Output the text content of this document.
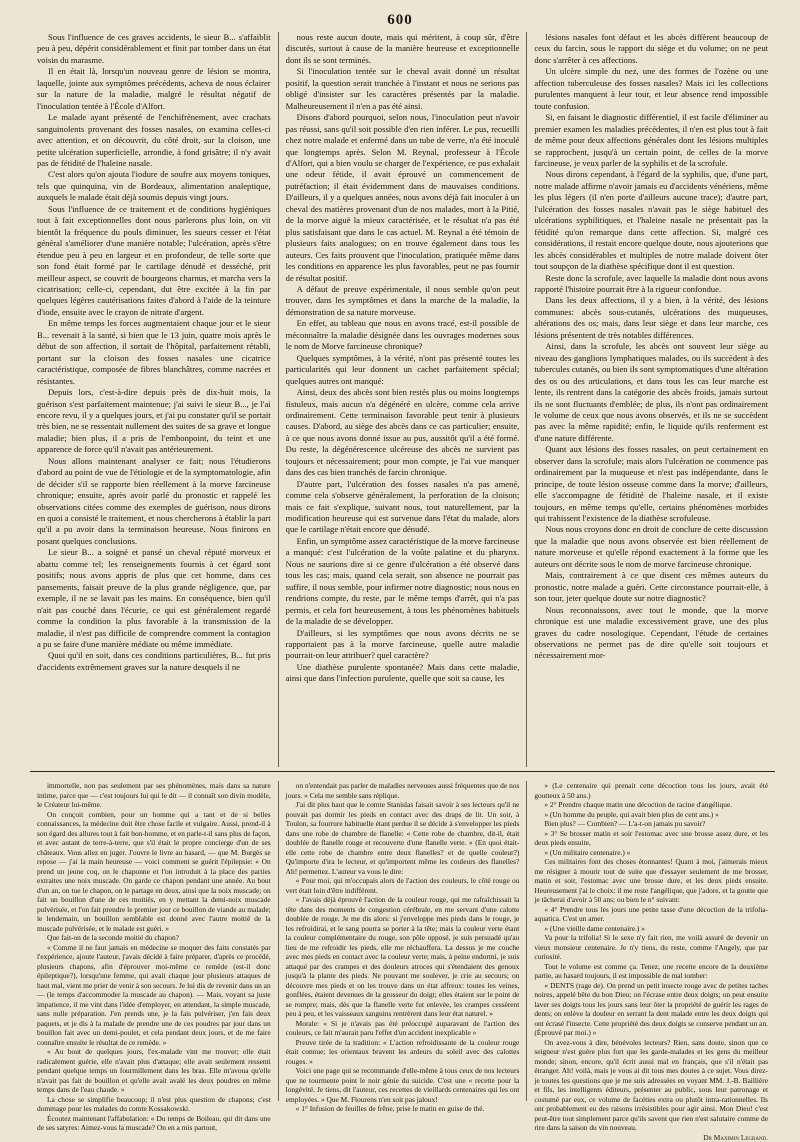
600

Sous l'influence de ces graves accidents, le sieur B... s'affaiblit peu à peu, dépérit considérablement et finit par tomber dans un état voisin du marasme.

Il en était là, lorsqu'un nouveau genre de lésion se montra, laquelle, jointe aux symptômes précédents, acheva de nous éclairer sur la nature de la maladie, malgré le résultat négatif de l'inoculation tentée à l'École d'Alfort.

Le malade ayant présenté de l'enchifrènement, avec crachats sanguinolents provenant des fosses nasales, on examina celles-ci avec attention, et on découvrit, du côté droit, sur la cloison, une petite ulcération superficielle, arrondie, à fond grisâtre; il n'y avait pas de fétidité de l'haleine nasale.

C'est alors qu'on ajouta l'iodure de soufre aux moyens toniques, tels que quinquina, vin de Bordeaux, alimentation analeptique, auxquels le malade était déjà soumis depuis vingt jours.

Sous l'influence de ce traitement et de conditions hygiéniques tout à fait exceptionnelles dont nous parlerons plus loin, on vit bientôt la fréquence du pouls diminuer, les sueurs cesser et l'état général s'améliorer d'une manière notable; l'ulcération, après s'être étendue peu à peu en largeur et en profondeur, de telle sorte que son fond était formé par le cartilage dénudé et desséché, prit meilleur aspect, se couvrit de bourgeons charnus, et marcha vers la cicatrisation; celle-ci, cependant, dut être excitée à la fin par quelques légères cautérisations faites d'abord à l'aide de la teinture d'iode, ensuite avec le crayon de nitrate d'argent.

En même temps les forces augmentaient chaque jour et le sieur B... revenait à la santé, si bien que le 13 juin, quatre mois après le début de son affection, il sortait de l'hôpital, parfaitement rétabli, portant sur la cloison des fosses nasales une cicatrice caractéristique, composée de fibres blanchâtres, comme nacrées et résistantes.

Depuis lors, c'est-à-dire depuis près de dix-huit mois, la guérison s'est parfaitement maintenue; j'ai suivi le sieur B..., je l'ai encore revu, il y a quelques jours, et j'ai pu constater qu'il se portait très bien, ne se ressentait nullement des suites de sa grave et longue maladie; bien plus, il a pris de l'embonpoint, du teint et une apparence de force qu'il n'avait pas antérieurement.

Nous allons maintenant analyser ce fait; nous l'étudierons d'abord au point de vue de l'étiologie et de la symptomatologie, afin de décider s'il se rapporte bien réellement à la morve farcineuse chronique; ensuite, après avoir parlé du pronostic et rappelé les observations citées comme des exemples de guérison, nous dirons en quoi a consisté le traitement, et nous chercherons à établir la part qu'il a pu avoir dans la terminaison heureuse. Nous finirons en posant quelques conclusions.

Le sieur B... a soigné et pansé un cheval réputé morveux et abattu comme tel; les renseignements fournis à cet égard sont positifs; nous avons appris de plus que cet homme, dans ces pansements, faisait preuve de la plus grande négligence, que, par exemple, il ne se lavait pas les mains. En conséquence, bien qu'il n'ait pas couché dans l'écurie, ce qui est généralement regardé comme la condition la plus favorable à la transmission de la maladie, il n'est pas difficile de comprendre comment la contagion a pu se faire d'une manière médiate ou même immédiate.

Quoi qu'il en soit, dans ces conditions particulières, B... fut pris d'accidents extrêmement graves sur la nature desquels il ne

nous reste aucun doute, mais qui méritent, à coup sûr, d'être discutés, surtout à cause de la manière heureuse et exceptionnelle dont ils se sont terminés.

Si l'inoculation tentée sur le cheval avait donné un résultat positif, la question serait tranchée à l'instant et nous ne serions pas obligé d'insister sur les caractères présentés par la maladie. Malheureusement il n'en a pas été ainsi.

Disons d'abord pourquoi, selon nous, l'inoculation peut n'avoir pas réussi, sans qu'il soit possible d'en rien inférer. Le pus, recueilli chez notre malade et enfermé dans un tube de verre, n'a été inoculé que longtemps après. Selon M. Reynal, professeur à l'École d'Alfort, qui a bien voulu se charger de l'expérience, ce pus exhalait une odeur fétide, il avait éprouvé un commencement de putréfaction; il était évidemment dans de mauvaises conditions. D'ailleurs, il y a quelques années, nous avons déjà fait inoculer à un cheval des matières provenant d'un de nos malades, mort à la Pitié, de la morve aiguë la mieux caractérisée, et le résultat n'a pas été plus satisfaisant que dans le cas actuel. M. Reynal a été témoin de plusieurs faits analogues; on en trouve également dans tous les auteurs. Ces faits prouvent que l'inoculation, pratiquée même dans les conditions en apparence les plus favorables, peut ne pas fournir de résultat positif.

A défaut de preuve expérimentale, il nous semble qu'on peut trouver, dans les symptômes et dans la marche de la maladie, la démonstration de sa nature morveuse.

En effet, au tableau que nous en avons tracé, est-il possible de méconnaître la maladie désignée dans les ouvrages modernes sous le nom de Morve farcineuse chronique?

Quelques symptômes, à la vérité, n'ont pas présenté toutes les particularités qui leur donnent un cachet parfaitement spécial; quelques autres ont manqué:

Ainsi, deux des abcès sont bien restés plus ou moins longtemps fistuleux, mais aucun n'a dégénéré en ulcère, comme cela arrive ordinairement. Cette terminaison favorable peut tenir à plusieurs causes. D'abord, au siège des abcès dans ce cas particulier; ensuite, à ce que nous avons donné issue au pus, aussitôt qu'il a été formé. Du reste, la dégénérescence ulcéreuse des abcès ne survient pas toujours et nécessairement; pour mon compte, je l'ai vue manquer dans des cas bien tranchés de farcin chronique.

D'autre part, l'ulcération des fosses nasales n'a pas amené, comme cela s'observe généralement, la perforation de la cloison; mais ce fait s'explique, suivant nous, tout naturellement, par la modification heureuse qui est survenue dans l'état du malade, alors que le cartilage n'était encore que dénudé.

Enfin, un symptôme assez caractéristique de la morve farcineuse a manqué: c'est l'ulcération de la voûte palatine et du pharynx. Nous ne saurions dire si ce genre d'ulcération a été observé dans tous les cas; mais, quand cela serait, son absence ne pourrait pas suffire, il nous semble, pour infirmer notre diagnostic; nous nous en rendrions compte, du reste, par le même temps d'arrêt, qui n'a pas permis, et cela fort heureusement, à tous les phénomènes habituels de la maladie de se développer.

D'ailleurs, si les symptômes que nous avons décrits ne se rapportaient pas à la morve farcineuse, quelle autre maladie pourrait-on leur attribuer? quel caractère?

Une diathèse purulente spontanée? Mais dans cette maladie, ainsi que dans l'infection purulente, quelle que soit sa cause, les

lésions nasales font défaut et les abcès diffèrent beaucoup de ceux du farcin, sous le rapport du siège et du volume; on ne peut donc s'arrêter à ces affections.

Un ulcère simple du nez, une des formes de l'ozène ou une affection tuberculeuse des fosses nasales? Mais ici les collections purulentes manquent à leur tour, et leur absence rend impossible toute confusion.

Si, en faisant le diagnostic différentiel, il est facile d'éliminer au premier examen les maladies précédentes, il n'en est plus tout à fait de même pour deux affections générales dont les lésions multiples se rapprochent, jusqu'à un certain point, de celles de la morve farcineuse, je veux parler de la syphilis et de la scrofule.

Nous dirons cependant, à l'égard de la syphilis, que, d'une part, notre malade affirme n'avoir jamais eu d'accidents vénériens, même les plus légers (il n'en porte d'ailleurs aucune trace); d'autre part, l'ulcération des fosses nasales n'avait pas le siège habituel des ulcérations syphilitiques, et l'haleine nasale ne présentait pas la fétidité qu'on remarque dans cette affection. Si, malgré ces considérations, il restait encore quelque doute, nous ajouterions que les abcès considérables et multiples de notre malade doivent ôter tout soupçon de la diathèse spécifique dont il est question.

Reste donc la scrofule, avec laquelle la maladie dont nous avons rapporté l'histoire pourrait être à la rigueur confondue.

Dans les deux affections, il y a bien, à la vérité, des lésions communes: abcès sous-cutanés, ulcérations des muqueuses, altérations des os; mais, dans leur siège et dans leur marche, ces lésions présentent de très notables différences.

Ainsi, dans la scrofule, les abcès ont souvent leur siège au niveau des ganglions lymphatiques malades, ou ils succèdent à des tubercules cutanés, ou bien ils sont symptomatiques d'une altération des os ou des articulations, et dans tous les cas leur marche est lente, ils rentrent dans la catégorie des abcès froids, jamais surtout ils ne sont fluctuants d'emblée; de plus, ils n'ont pas ordinairement le volume de ceux que nous avons observés, et ils ne se succèdent pas avec la même rapidité; enfin, le liquide qu'ils renferment est d'une nature différente.

Quant aux lésions des fosses nasales, on peut certainement en observer dans la scrofule; mais alors l'ulcération ne commence pas ordinairement par la muqueuse et n'est pas indépendante, dans le principe, de toute lésion osseuse comme dans la morve; d'ailleurs, elle s'accompagne de fétidité de l'haleine nasale, et il existe toujours, en même temps qu'elle, certains phénomènes morbides qui trahissent l'existence de la diathèse scrofuleuse.

Nous nous croyons donc en droit de conclure de cette discussion que la maladie que nous avons observée est bien réellement de nature morveuse et qu'elle répond exactement à la forme que les auteurs ont décrite sous le nom de morve farcineuse chronique.

Mais, contrairement à ce que disent ces mêmes auteurs du pronostic, notre malade a guéri. Cette circonstance pourrait-elle, à son tour, jeter quelque doute sur notre diagnostic?

Nous reconnaissons, avec tout le monde, que la morve chronique est une maladie excessivement grave, une des plus graves du cadre nosologique. Cependant, l'étude de certaines observations ne permet pas de dire qu'elle soit toujours et nécessairement mor-

immortelle, non pas seulement par ses phénomènes, mais dans sa nature intime, parce que — c'est toujours lui qui le dit — il connaît son divin modèle, le Créateur lui-même.

On conçoit combien, pour un homme qui a tant et de si belles connaissances, la médecine doit être chose facile et vulgaire. Aussi, prend-il à son égard des allures tout à fait bon-homme, et en parle-t-il sans plus de façon, et avec autant de terre-à-terre, que s'il était le propre concierge d'un de ses châteaux. Vous allez en juger. J'ouvre le livre au hasard, — que M. Burgès se repose — j'ai la main heureuse — voici comment se guérit l'épilepsie: « On prend un jeune coq, on le chaponne et l'on introduit à la place des parties extraites une noix muscade. On garde ce chapon pendant une année. Au bout d'un an, on tue le chapon, on le partage en deux, ainsi que la noix muscade; on fait un bouillon d'une de ces moitiés, en y mettant la demi-noix muscade pulvérisée, et l'on fait prendre le premier jour ce bouillon de viande au malade; le lendemain, un bouillon semblable est donné avec l'autre moitié de la muscade pulvérisée, et le malade est guéri. »

Que fait-on de la seconde moitié du chapon?

« Comme il ne faut jamais en médecine se moquer des faits constatés par l'expérience, ajoute l'auteur, j'avais décidé à faire préparer, d'après ce procédé, plusieurs chapons, afin d'éprouver moi-même ce remède (est-il donc épileptique?), lorsqu'une femme, qui avait chaque jour plusieurs attaques de haut mal, vient me prier de venir à son secours. Je lui dis de revenir dans un an — (le temps d'accommoder la muscade au chapon). — Mais, voyant sa juste impatience, il me vint dans l'idée d'employer, en attendant, la simple muscade, sans nulle préparation. J'en prends une, je la fais pulvériser, j'en fais deux paquets, et je dis à la malade de prendre une de ces poudres par jour dans un bouillon fait avec un demi-poulet, et cela pendant deux jours, et de me faire connaître ensuite le résultat de ce remède. »

« Au bout de quelques jours, l'ex-malade vint me trouver; elle était radicalement guérie, elle n'avait plus d'attaque; elle avait seulement ressenti pendant quelque temps un fourmillement dans les bras. Elle m'avoua qu'elle n'avait pas fait de bouillon et qu'elle avait avalé les deux poudres en même temps dans de l'eau chaude. »

La chose se simplifie beaucoup; il n'est plus question de chapons; c'est dommage pour les malades du comte Kossakowski.

Écoutez maintenant l'affabulation: « Du temps de Boileau, qui dit dans une de ses satyres: Aimez-vous la muscade? On en a mis partout,

on n'entendait pas parler de maladies nerveuses aussi fréquentes que de nos jours. » Cela me semble sans réplique.

J'ai dit plus haut que le comte Stanislas faisait savoir à ses lecteurs qu'il ne pouvait pas dormir les pieds en contact avec des draps de lit. Un soir, à Toulon, sa fourrure habituelle étant perdue il se décide à s'envelopper les pieds dans une robe de chambre de flanelle: « Cette robe de chambre, dit-il, était doublée de flanelle rouge et recouverte d'une flanelle verte. » (En quoi était-elle cette robe de chambre entre deux flanelles? et de quelle couleur?) Qu'importe d'ira le lecteur, et qu'importent même les couleurs des flanelles? Ah! permettez. L'auteur va vous le dire:

« Pour moi, qui m'occupais alors de l'action des couleurs, le côté rouge ou vert était loin d'être indifférent.

« J'avais déjà éprouvé l'action de la couleur rouge, qui me rafraîchissait la tête dans des moments de congestion cérébrale, en me servant d'une calotte doublée de rouge. Je me dis alors: si j'enveloppe mes pieds dans le rouge, je les refroidirai, et le sang pourra se porter à la tête; mais la couleur verte étant la couleur complémentaire du rouge, son pôle opposé, je suis persuadé qu'au lieu de me refroidir les pieds, elle me réchauffera. La dessus je me couche avec mes pieds en contact avec la couleur verte; mais, à peine endormi, je suis attaqué par des crampes et des douleurs atroces qui s'étendaient des genoux jusqu'à la plante des pieds. Ne pouvant me soulever, je crie au secours; on découvre mes pieds et on les trouve dans un état affreux: toutes les veines, gonflées, étaient devenues de la grosseur du doigt; elles étaient sur le point de se rompre; mais, dès que la flanelle verte fut enlevée, les crampes cessèrent peu à peu, et les vaisseaux sanguins rentrèrent dans leur état naturel. »

Morale: « Si je n'avais pas été préoccupé auparavant de l'action des couleurs, ce fait m'aurait paru l'effet d'un accident inexplicable »

Preuve tirée de la tradition: « L'action refroidissante de la couleur rouge était connue; les orientaux bravent les ardeurs du soleil avec des calottes rouges. »

Voici une page qui se recommande d'elle-même à tous ceux de nos lecteurs que ne tourmente point le noir génie du suicide. C'est une « recette pour la longévité. Je tiens, dit l'auteur, ces recettes de vieillards centenaires qui les ont employées. » Que M. Flourens n'en soit pas jaloux!

« 1° Infusion de feuilles de frêne, prise le matin en guise de thé.

» (Le centenaire qui prenait cette décoction tous les jours, avait été goutteux à 50 ans.)

» 2° Prendre chaque matin une décoction de racine d'angélique.

» (Un homme du peuple, qui avait bien plus de cent ans.) »

Bien plus? — Combien? — L'a-t-on jamais pu savoir?

» 3° Se brosser matin et soir l'estomac avec une brosse assez dure, et les deux pieds ensuite,

» (Un militaire centenaire.) »

Ces militaires font des choses étonnantes! Quant à moi, j'aimerais mieux me résigner à mourir tout de suite que d'essayer seulement de me brosser, matin et soir, l'estomac avec une brosse dure, et les deux pieds ensuite. Heureusement j'ai le choix: il me reste l'angélique, que j'adore, et la goutte que je tâcherai d'avoir à 50 ans; ou bien le n° suivant:

« 4° Prendre tous les jours une petite tasse d'une décoction de la trifolia-aquatica. C'est un amer.

» (Une vieille dame centenaire.) »

Va pour la trifolia! Si le sexe n'y fait rien, me voilà assuré de devenir un vieux monsieur centenaire. Je n'y tiens, du reste, comme l'Angely, que par curiosité.

Tout le volume est comme ça. Tenez, une recette encore de la deuxième partie, au hasard toujours, il est impossible de mal tomber:

« DENTS (rage de). On prend un petit insecte rouge avec de petites taches noires, appelé bête du bon Dieu; on l'écrase entre deux doigts; on peut ensuite laver ses doigts tous les jours sans leur ôter la propriété de guérir les rages de dents; on enlève la douleur en serrant la dent malade entre les deux doigts qui ont écrasé l'insecte. Cette propriété des deux doigts se conserve pendant un an. (Éprouvé par moi.) »

On avez-vous à dire, bénévoles lecteurs? Rien, sans doute, sinon que ce seigneur n'est guère plus fort que les garde-malades et les gens du meilleur monde; sinon, encore, qu'il écrit aussi mal en français, que s'il n'était pas étranger. Ah! voilà, mais je vous ai dit tous mes doutes à ce sujet. Vous direz-je toutes les questions que je me suis adressées en voyant MM. J.-B. Baillière et fils, les intelligents éditeurs, présenter au public, sous leur patronage et costumé par eux, ce volume de facéties extra ou plutôt intra-rationnelles. Ils ont probablement eu des raisons irrésistibles pour agir ainsi. Mon Dieu! c'est peut-être tout simplement parce qu'ils savent que rien n'est salutaire comme de rire dans la saison du vin nouveau.

Dr Maximin Legrand.
